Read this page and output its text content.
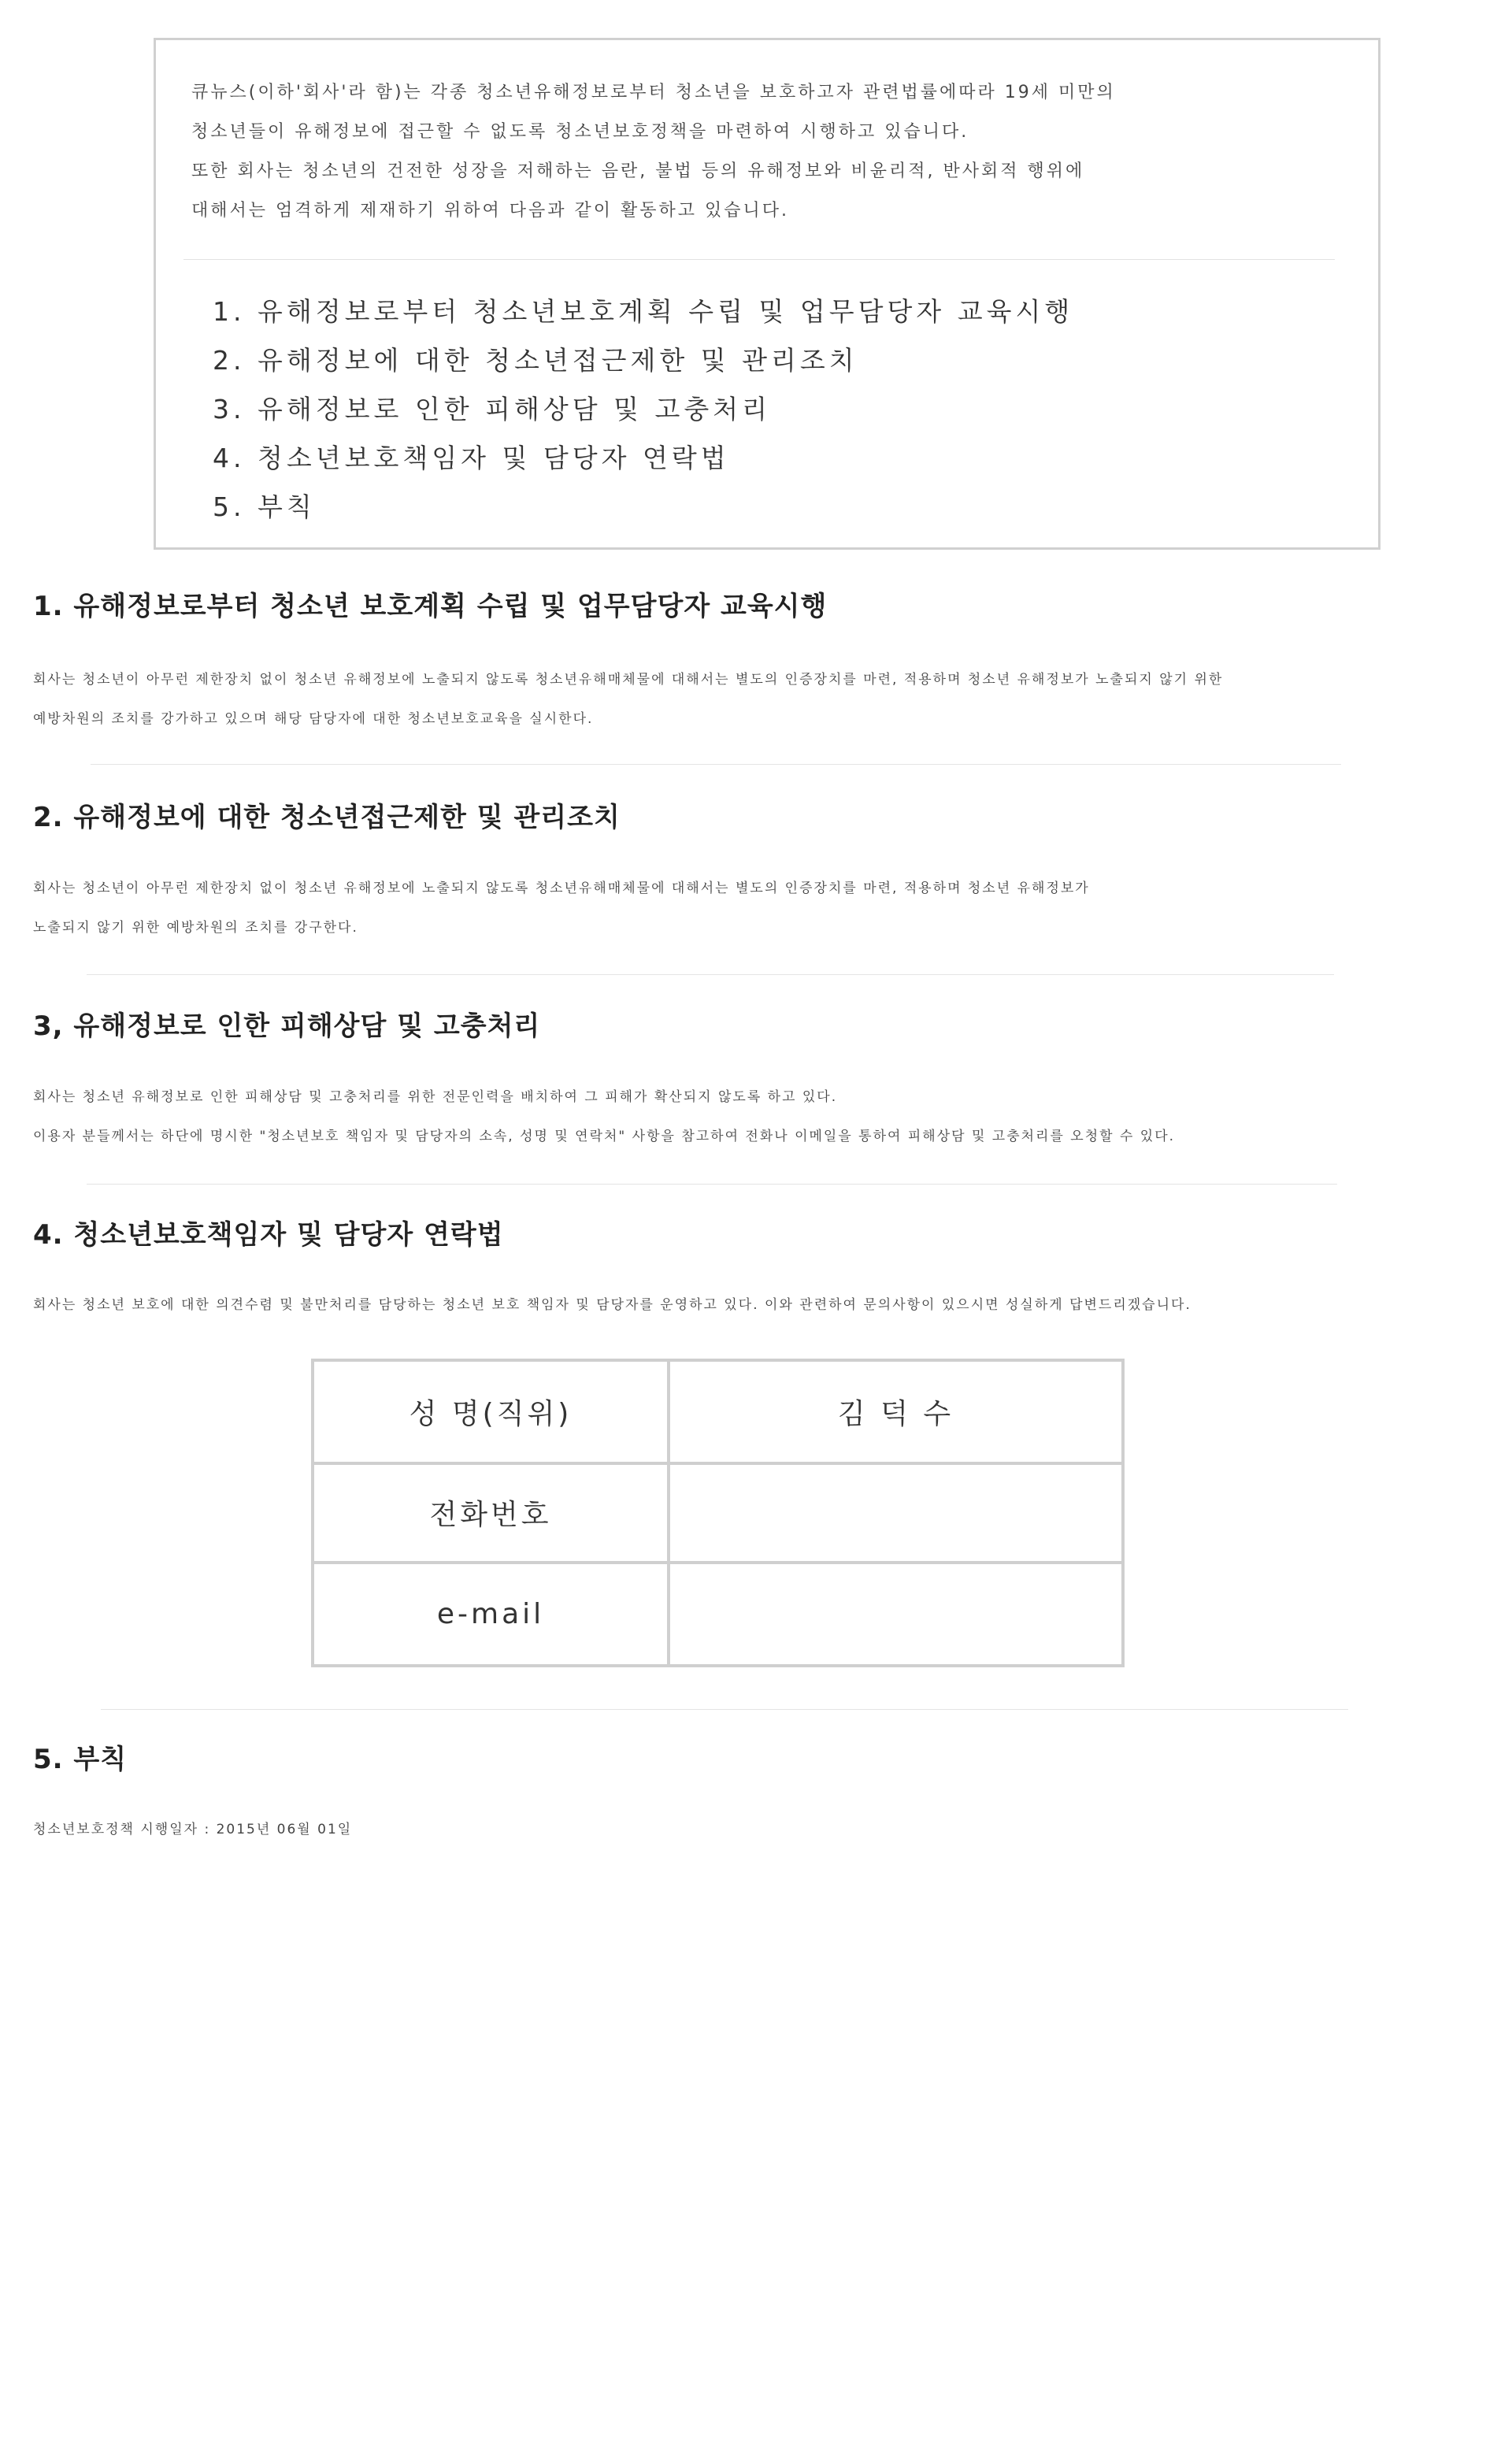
큐뉴스(이하'회사'라 함)는 각종 청소년유해정보로부터 청소년을 보호하고자 관련법률에따라 19세 미만의
청소년들이 유해정보에 접근할 수 없도록 청소년보호정책을 마련하여 시행하고 있습니다.
또한 회사는 청소년의 건전한 성장을 저해하는 음란, 불법 등의 유해정보와 비윤리적, 반사회적 행위에
대해서는 엄격하게 제재하기 위하여 다음과 같이 활동하고 있습니다.
1. 유해정보로부터 청소년보호계획 수립 및 업무담당자 교육시행
2. 유해정보에 대한 청소년접근제한 및 관리조치
3. 유해정보로 인한 피해상담 및 고충처리
4. 청소년보호책임자 및 담당자 연락법
5. 부칙
1. 유해정보로부터 청소년 보호계획 수립 및 업무담당자 교육시행
회사는 청소년이 아무런 제한장치 없이 청소년 유해정보에 노출되지 않도록 청소년유해매체물에 대해서는 별도의 인증장치를 마련, 적용하며 청소년 유해정보가 노출되지 않기 위한
예방차원의 조치를 강가하고 있으며 해당 담당자에 대한 청소년보호교육을 실시한다.
2. 유해정보에 대한 청소년접근제한 및 관리조치
회사는 청소년이 아무런 제한장치 없이 청소년 유해정보에 노출되지 않도록 청소년유해매체물에 대해서는 별도의 인증장치를 마련, 적용하며 청소년 유해정보가
노출되지 않기 위한 예방차원의 조치를 강구한다.
3, 유해정보로 인한 피해상담 및 고충처리
회사는 청소년 유해정보로 인한 피해상담 및 고충처리를 위한 전문인력을 배치하여 그 피해가 확산되지 않도록 하고 있다.
이용자 분들께서는 하단에 명시한 "청소년보호 책임자 및 담당자의 소속, 성명 및 연락처" 사항을 참고하여 전화나 이메일을 통하여 피해상담 및 고충처리를 오청할 수 있다.
4. 청소년보호책임자 및 담당자 연락법
회사는 청소년 보호에 대한 의견수렴 및 불만처리를 담당하는 청소년 보호 책임자 및 담당자를 운영하고 있다. 이와 관련하여 문의사항이 있으시면 성실하게 답변드리겠습니다.
성 명(직위)	김 덕 수
전화번호	
e-mail	
5. 부칙
청소년보호정책 시행일자 : 2015년 06월 01일
